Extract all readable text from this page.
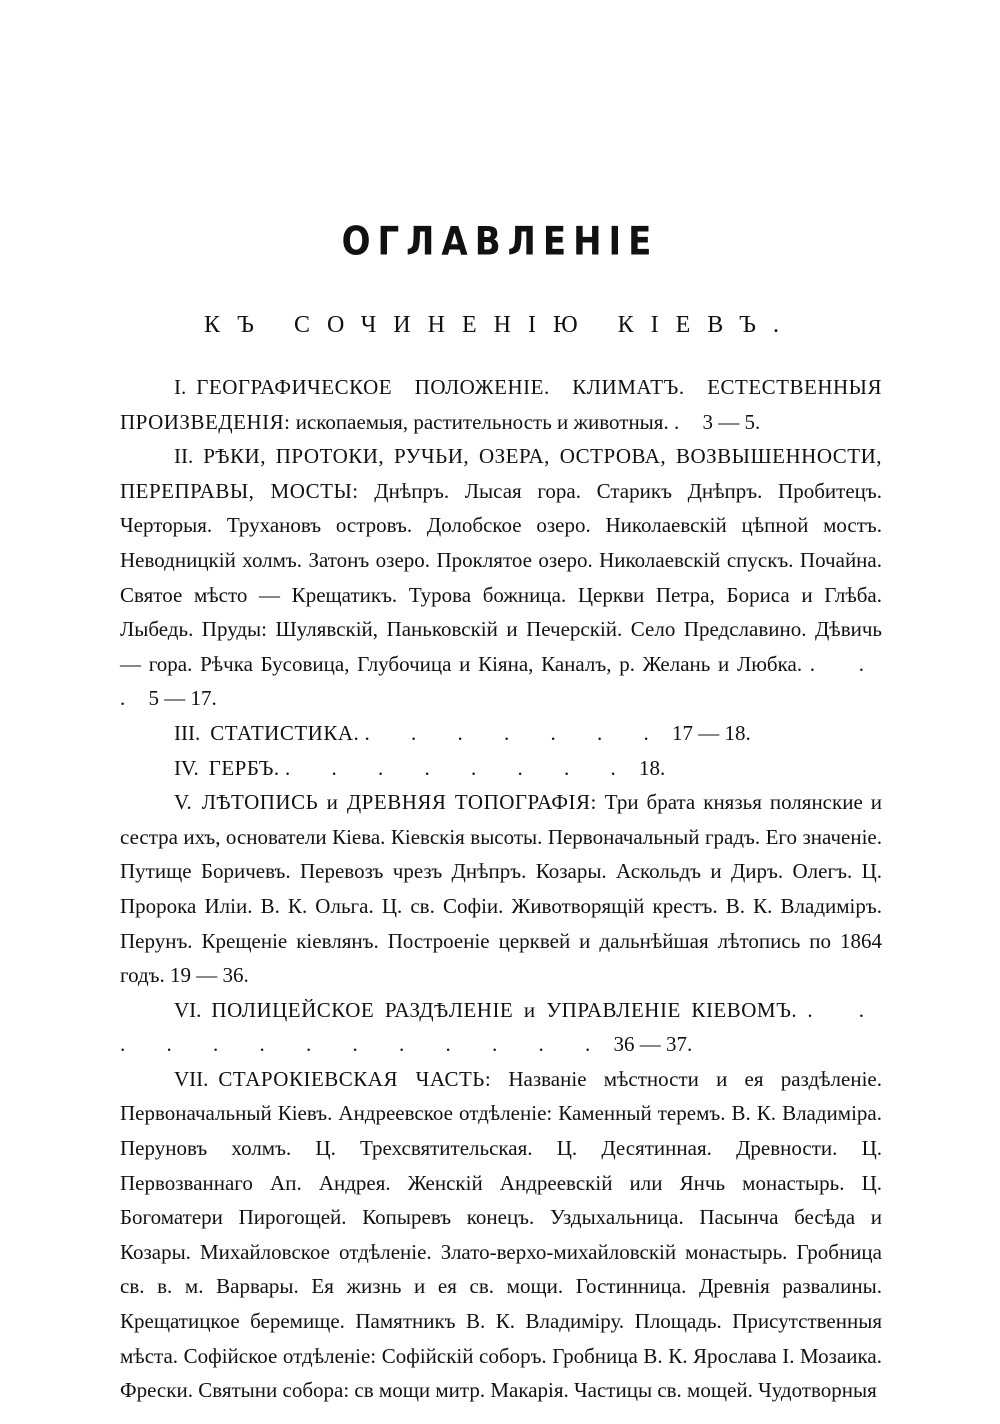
ОГЛАВЛЕНІЕ
КЪ СОЧИНЕНІЮ КІЕВЪ.

I. ГЕОГРАФИЧЕСКОЕ ПОЛОЖЕНІЕ. КЛИМАТЪ. ЕСТЕСТВЕННЫЯ ПРОИЗВЕДЕНІЯ: ископаемыя, растительность и животныя. . 3 — 5.

II. РѢКИ, ПРОТОКИ, РУЧЬИ, ОЗЕРА, ОСТРОВА, ВОЗВЫШЕННОСТИ, ПЕРЕПРАВЫ, МОСТЫ: Днѣпръ. Лысая гора. Старикъ Днѣпръ. Пробитецъ. Черторыя. Трухановъ островъ. Долобское озеро. Николаевскій цѣпной мостъ. Неводницкій холмъ. Затонъ озеро. Проклятое озеро. Николаевскій спускъ. Почайна. Святое мѣсто — Крещатикъ. Турова божница. Церкви Петра, Бориса и Глѣба. Лыбедь. Пруды: Шулявскій, Паньковскій и Печерскій. Село Предславино. Дѣвичь — гора. Рѣчка Бусовица, Глубочица и Кіяна, Каналъ, р. Желань и Любка. . . . 5 — 17.

III. СТАТИСТИКА. . . . . . . . 17 — 18.

IV. ГЕРБЪ. . . . . . . . . 18.

V. ЛѢТОПИСЬ и ДРЕВНЯЯ ТОПОГРАФІЯ: Три брата князья полянские и сестра ихъ, основатели Кіева. Кіевскія высоты. Первоначальный градъ. Его значеніе. Путище Боричевъ. Перевозъ чрезъ Днѣпръ. Козары. Аскольдъ и Диръ. Олегъ. Ц. Пророка Иліи. В. К. Ольга. Ц. св. Софіи. Животворящій крестъ. В. К. Владиміръ. Перунъ. Крещеніе кіевлянъ. Построеніе церквей и дальнѣйшая лѣтопись по 1864 годъ. 19 — 36.

VI. ПОЛИЦЕЙСКОЕ РАЗДѢЛЕНІЕ и УПРАВЛЕНІЕ КІЕВОМЪ. . . . . . . . . . . . . . 36 — 37.

VII. СТАРОКІЕВСКАЯ ЧАСТЬ: Названіе мѣстности и ея раздѣленіе. Первоначальный Кіевъ. Андреевское отдѣленіе: Каменный теремъ. В. К. Владиміра. Перуновъ холмъ. Ц. Трехсвятительская. Ц. Десятинная. Древности. Ц. Первозваннаго Ап. Андрея. Женскій Андреевскій или Янчь монастырь. Ц. Богоматери Пирогощей. Копыревъ конецъ. Уздыхальница. Пасынча бесѣда и Козары. Михайловское отдѣленіе. Злато-верхо-михайловскій монастырь. Гробница св. в. м. Варвары. Ея жизнь и ея св. мощи. Гостинница. Древнія развалины. Крещатицкое беремище. Памятникъ В. К. Владиміру. Площадь. Присутственныя мѣста. Софійское отдѣленіе: Софійскій соборъ. Гробница В. К. Ярослава I. Мозаика. Фрески. Святыни собора: св мощи митр. Макарія. Частицы св. мощей. Чудотворныя
